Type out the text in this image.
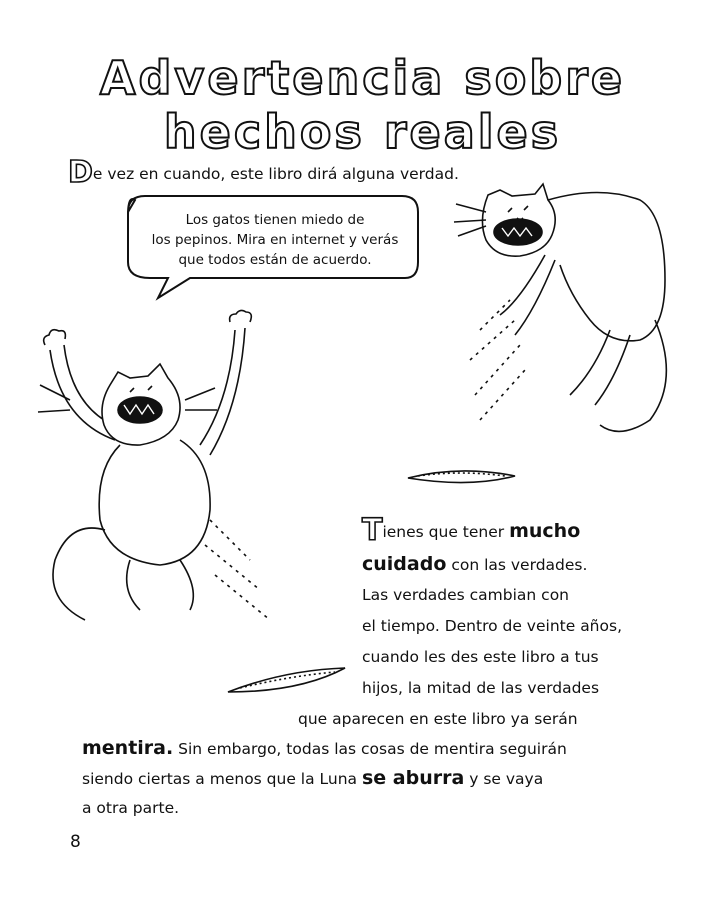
Advertencia sobre
hechos reales
De vez en cuando, este libro dirá alguna verdad.
Los gatos tienen miedo de
los pepinos. Mira en internet y verás
que todos están de acuerdo.
Tienes que tener mucho
cuidado con las verdades.
Las verdades cambian con
el tiempo. Dentro de veinte años,
cuando les des este libro a tus
hijos, la mitad de las verdades
que aparecen en este libro ya serán
mentira. Sin embargo, todas las cosas de mentira seguirán
siendo ciertas a menos que la Luna se aburra y se vaya
a otra parte.
8
